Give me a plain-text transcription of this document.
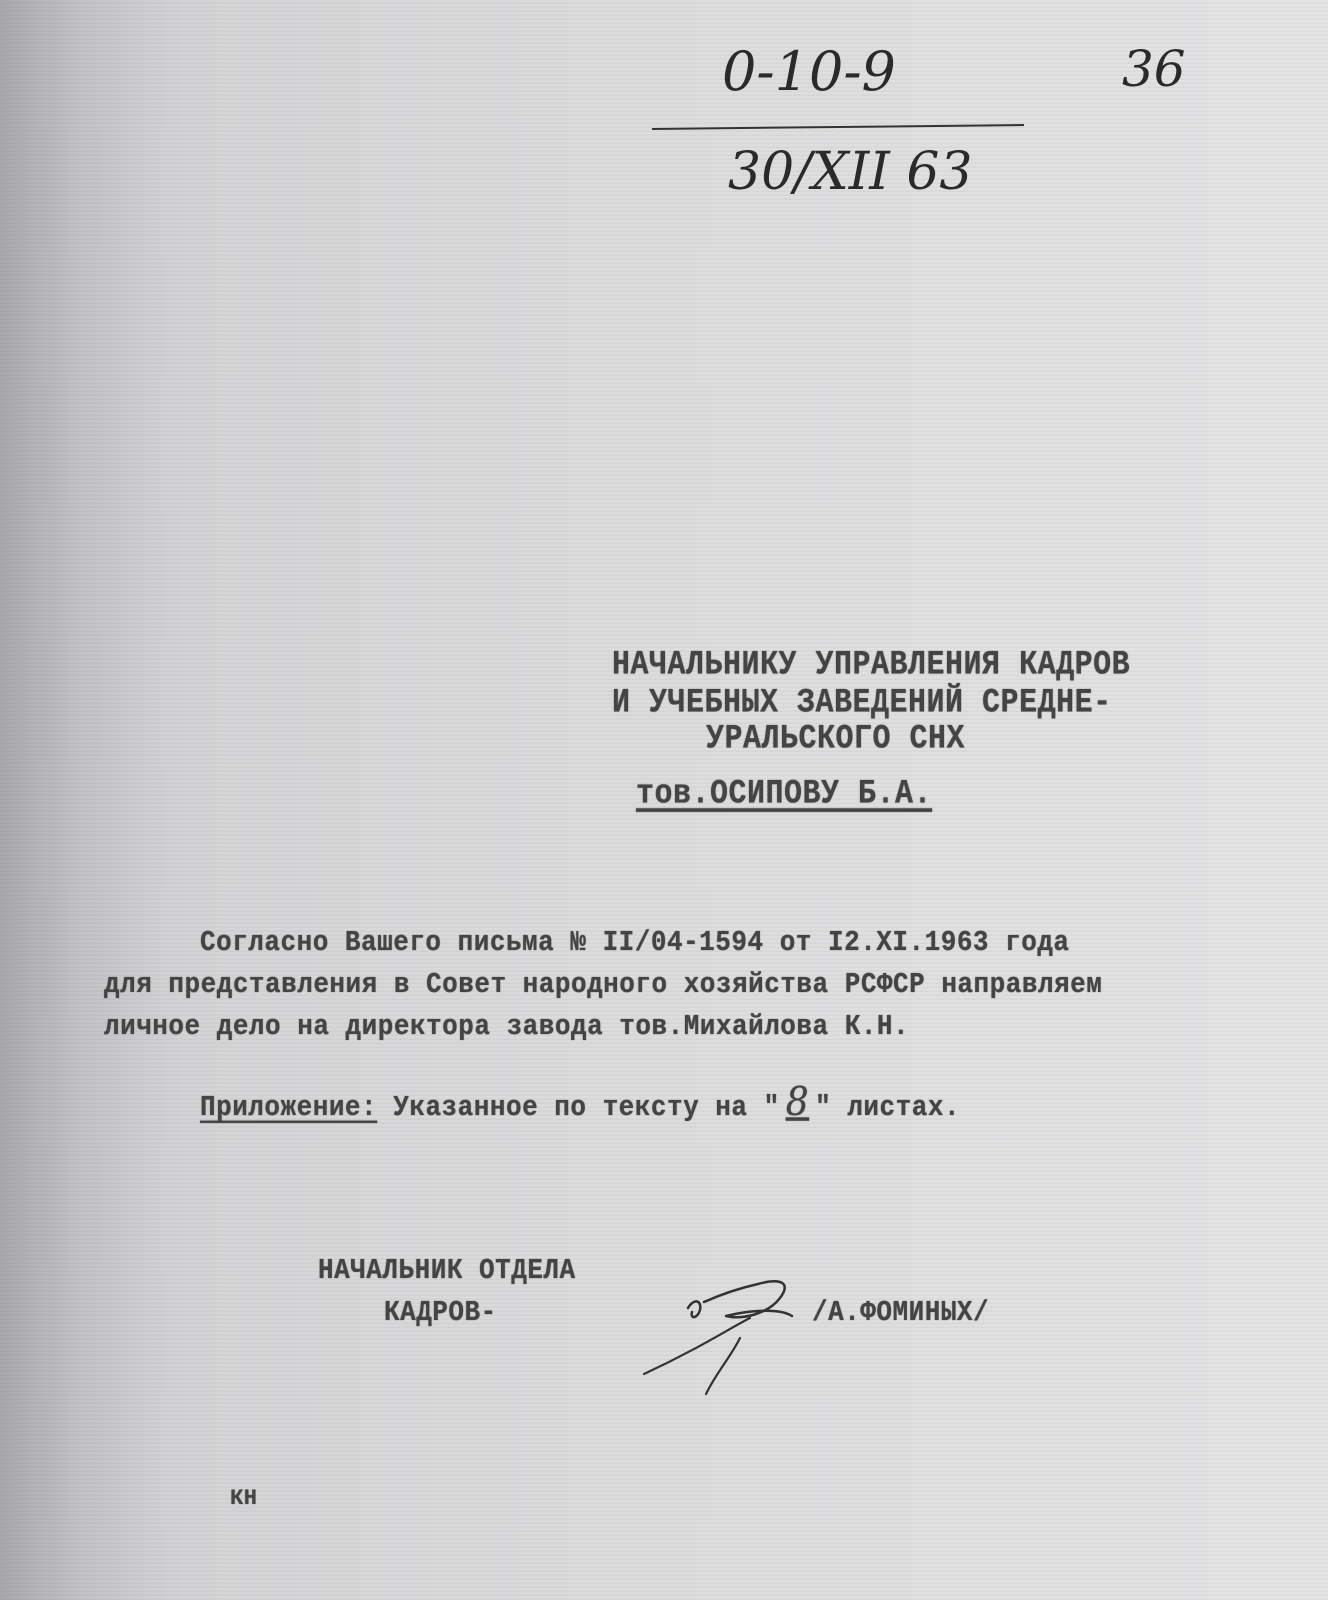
0-10-9	36
30/XII 63
НАЧАЛЬНИКУ УПРАВЛЕНИЯ КАДРОВ
И УЧЕБНЫХ ЗАВЕДЕНИЙ СРЕДНЕ-
УРАЛЬСКОГО СНХ
тов.ОСИПОВУ Б.А.
Согласно Вашего письма № II/04-1594 от I2.XI.1963 года
для представления в Совет народного хозяйства РСФСР направляем
личное дело на директора завода тов.Михайлова К.Н.
Приложение: Указанное по тексту на " 8 " листах.
НАЧАЛЬНИК ОТДЕЛА
КАДРОВ-	/А.ФОМИНЫХ/
КН
